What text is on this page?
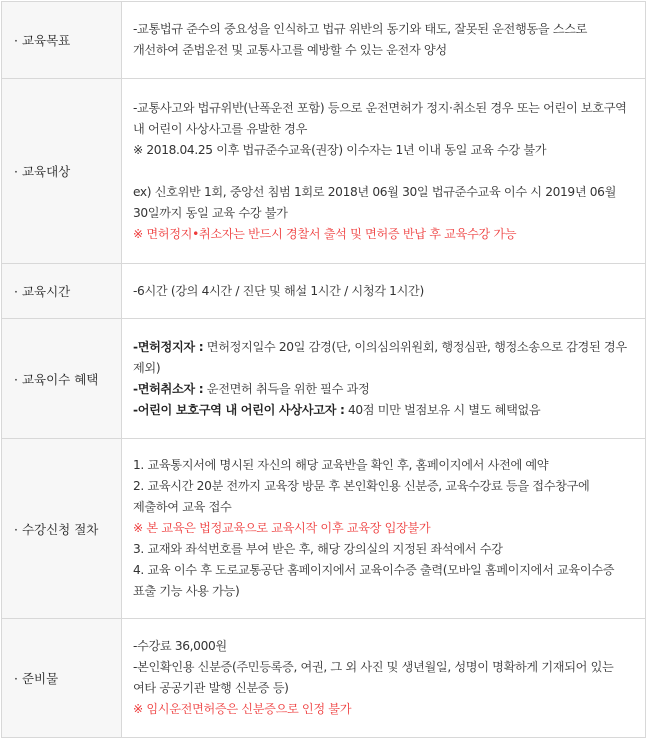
· 교육목표	-교통법규 준수의 중요성을 인식하고 법규 위반의 동기와 태도, 잘못된 운전행동을 스스로 개선하여 준법운전 및 교통사고를 예방할 수 있는 운전자 양성

· 교육대상	-교통사고와 법규위반(난폭운전 포함) 등으로 운전면허가 정지·취소된 경우 또는 어린이 보호구역 내 어린이 사상사고를 유발한 경우
※ 2018.04.25 이후 법규준수교육(권장) 이수자는 1년 이내 동일 교육 수강 불가
ex) 신호위반 1회, 중앙선 침범 1회로 2018년 06월 30일 법규준수교육 이수 시 2019년 06월 30일까지 동일 교육 수강 불가
※ 면허정지•취소자는 반드시 경찰서 출석 및 면허증 반납 후 교육수강 가능

· 교육시간	-6시간 (강의 4시간 / 진단 및 해설 1시간 / 시청각 1시간)

· 교육이수 혜택	-면허정지자 : 면허정지일수 20일 감경(단, 이의심의위원회, 행정심판, 행정소송으로 감경된 경우 제외)
-면허취소자 : 운전면허 취득을 위한 필수 과정
-어린이 보호구역 내 어린이 사상사고자 : 40점 미만 벌점보유 시 별도 혜택없음

· 수강신청 절차	1. 교육통지서에 명시된 자신의 해당 교육반을 확인 후, 홈페이지에서 사전에 예약
2. 교육시간 20분 전까지 교육장 방문 후 본인확인용 신분증, 교육수강료 등을 접수창구에 제출하여 교육 접수
※ 본 교육은 법정교육으로 교육시작 이후 교육장 입장불가
3. 교재와 좌석번호를 부여 받은 후, 해당 강의실의 지정된 좌석에서 수강
4. 교육 이수 후 도로교통공단 홈페이지에서 교육이수증 출력(모바일 홈페이지에서 교육이수증 표출 기능 사용 가능)

· 준비물	-수강료 36,000원
-본인확인용 신분증(주민등록증, 여권, 그 외 사진 및 생년월일, 성명이 명확하게 기재되어 있는 여타 공공기관 발행 신분증 등)
※ 임시운전면허증은 신분증으로 인정 불가
